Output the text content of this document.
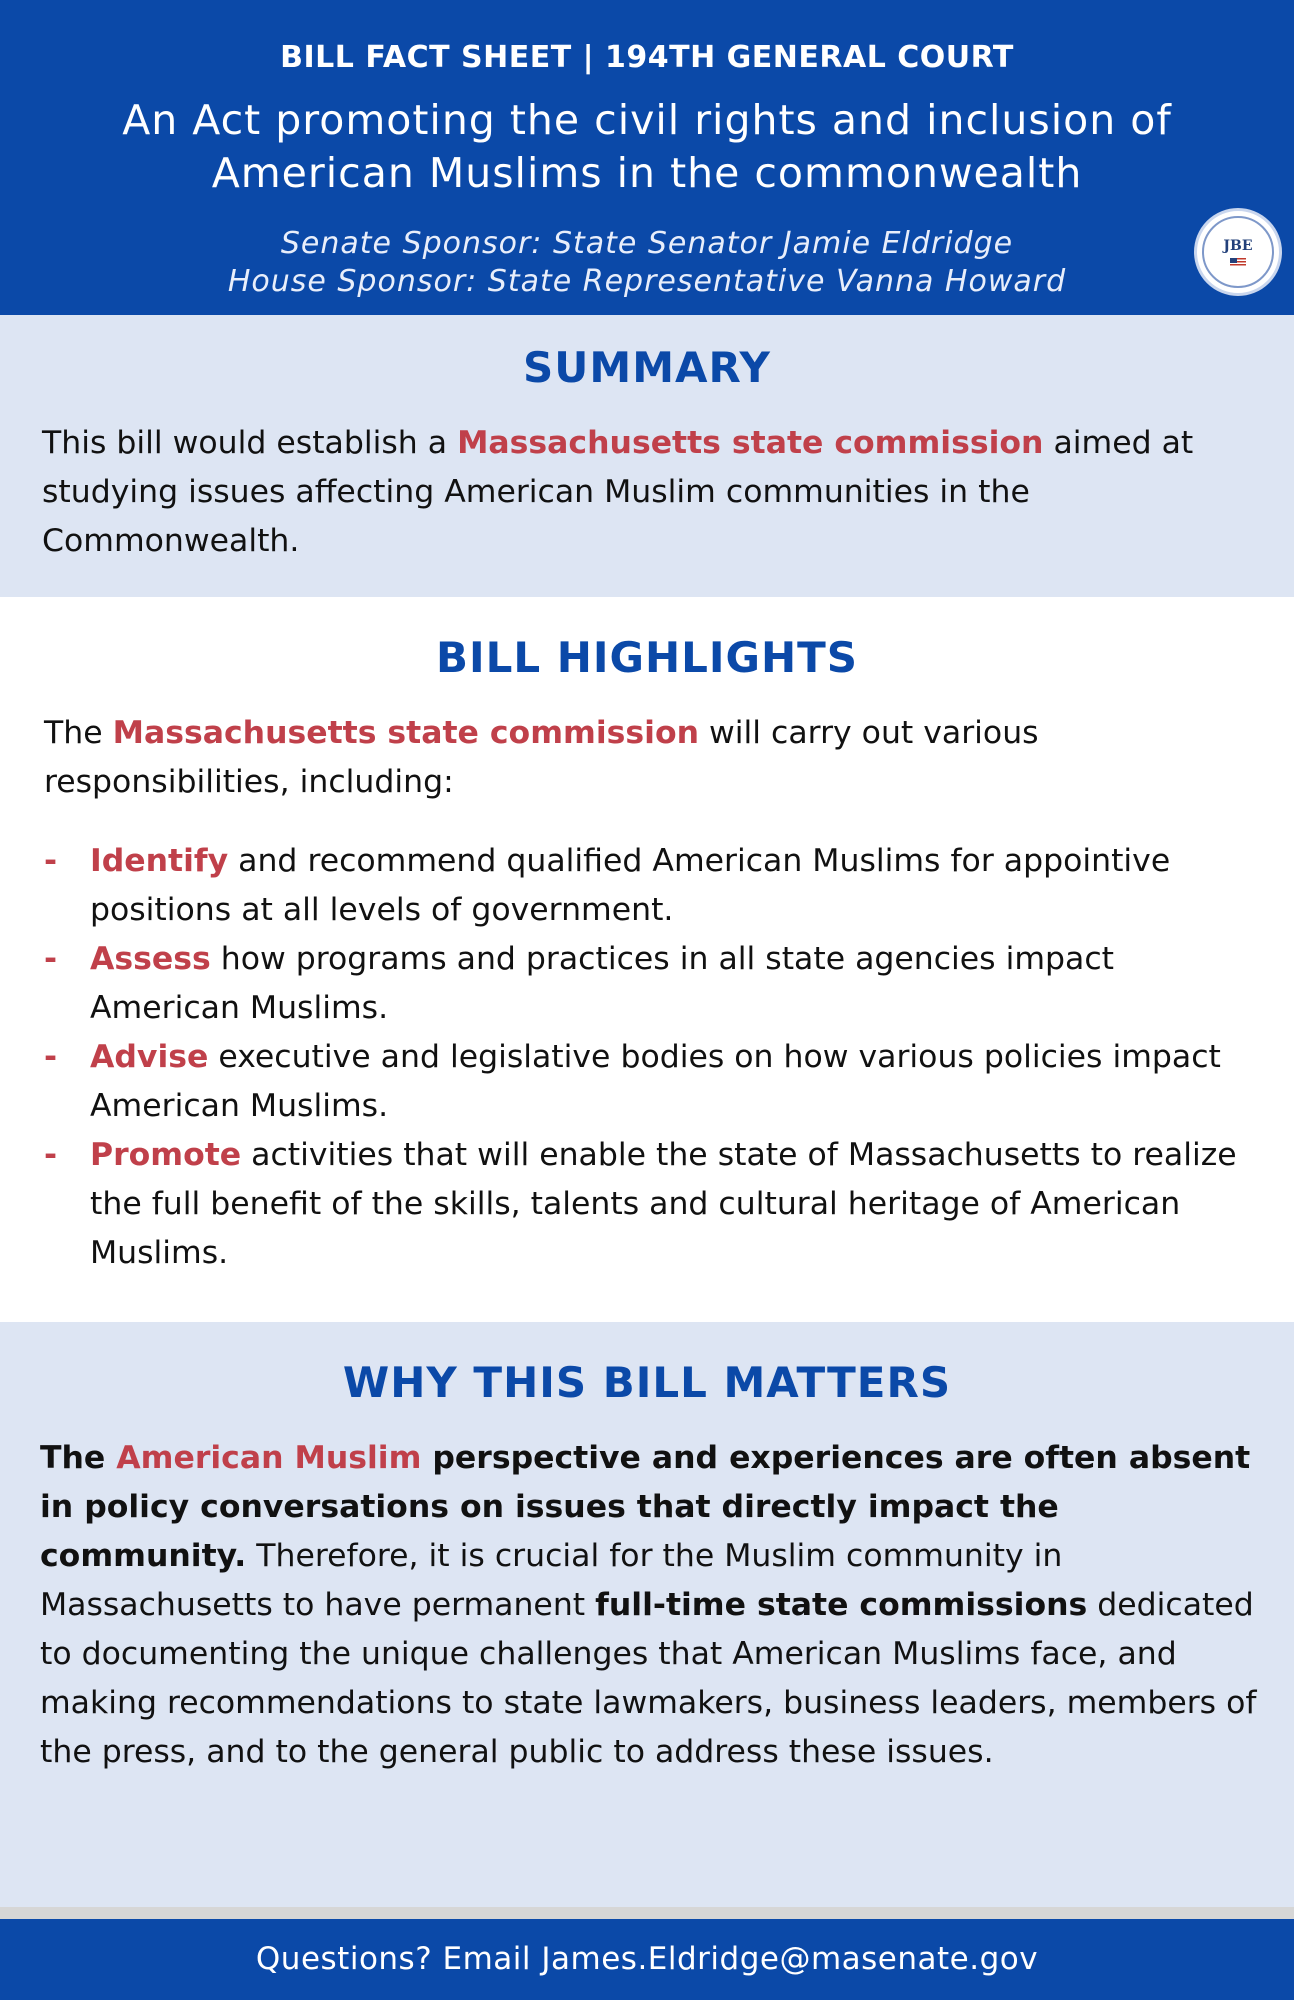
BILL FACT SHEET | 194TH GENERAL COURT
An Act promoting the civil rights and inclusion of
American Muslims in the commonwealth
Senate Sponsor: State Senator Jamie Eldridge
House Sponsor: State Representative Vanna Howard
JBE
SUMMARY

This bill would establish a Massachusetts state commission aimed at studying issues affecting American Muslim communities in the Commonwealth.

BILL HIGHLIGHTS

The Massachusetts state commission will carry out various responsibilities, including:

- Identify and recommend qualified American Muslims for appointive positions at all levels of government.
- Assess how programs and practices in all state agencies impact American Muslims.
- Advise executive and legislative bodies on how various policies impact American Muslims.
- Promote activities that will enable the state of Massachusetts to realize the full benefit of the skills, talents and cultural heritage of American Muslims.
WHY THIS BILL MATTERS

The American Muslim perspective and experiences are often absent in policy conversations on issues that directly impact the community. Therefore, it is crucial for the Muslim community in Massachusetts to have permanent full-time state commissions dedicated to documenting the unique challenges that American Muslims face, and making recommendations to state lawmakers, business leaders, members of the press, and to the general public to address these issues.

Questions? Email James.Eldridge@masenate.gov
